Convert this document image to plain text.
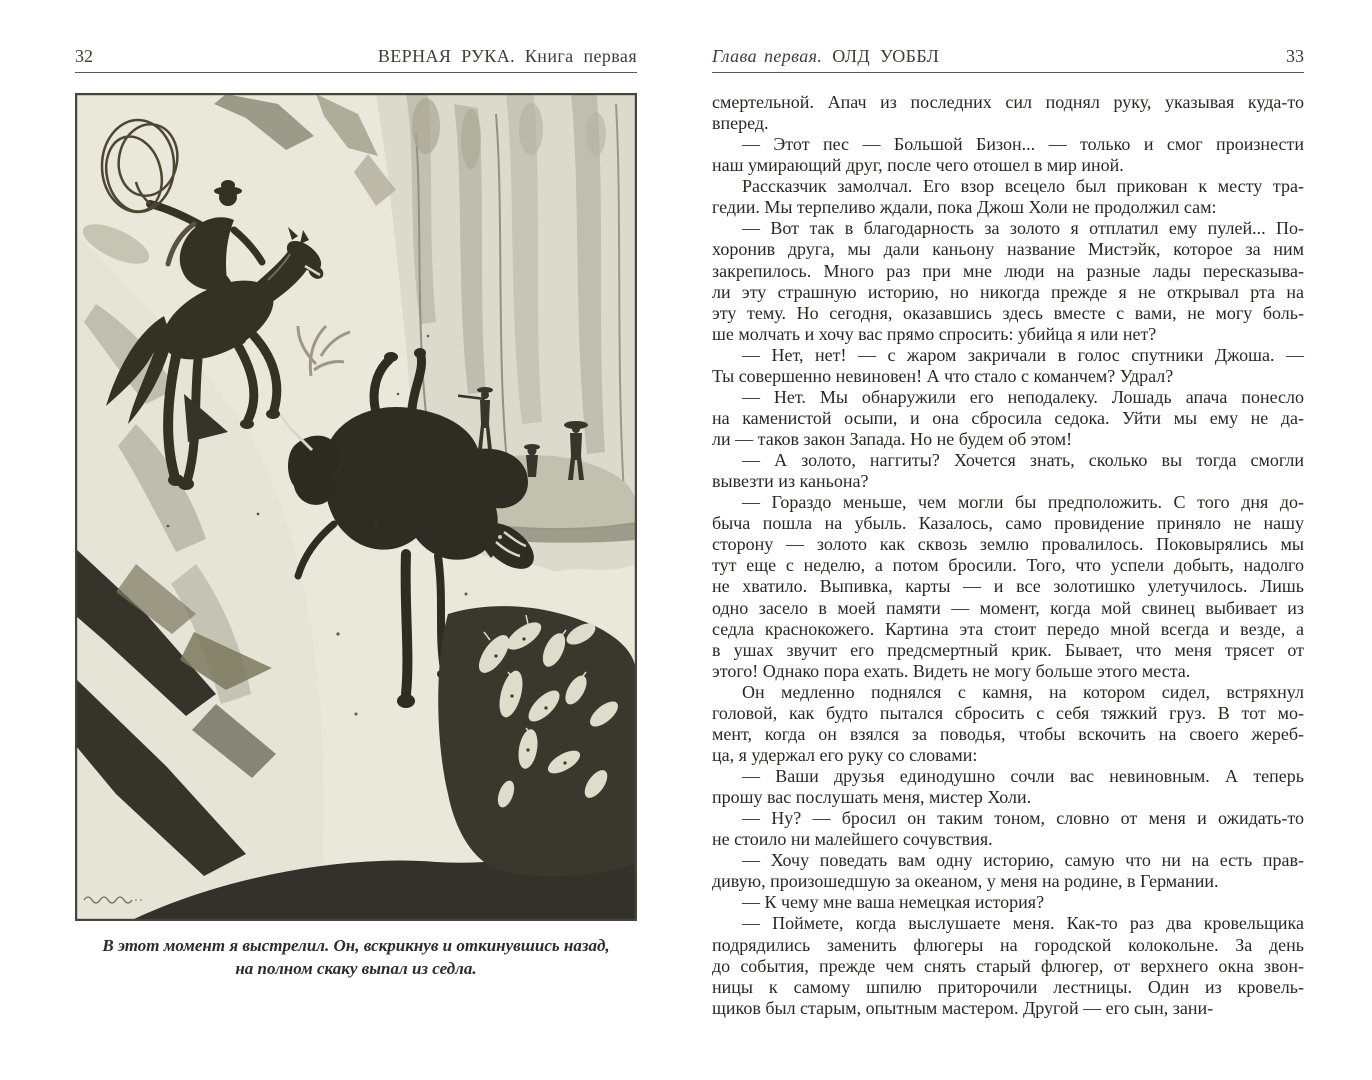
32	ВЕРНАЯ РУКА. Книга первая
В этот момент я выстрелил. Он, вскрикнув и откинувшись назад,
на полном скаку выпал из седла.
Глава первая. ОЛД УОББЛ	33
смертельной. Апач из последних сил поднял руку, указывая куда-то
вперед.
— Этот пес — Большой Бизон... — только и смог произнести
наш умирающий друг, после чего отошел в мир иной.
Рассказчик замолчал. Его взор всецело был прикован к месту тра-
гедии. Мы терпеливо ждали, пока Джош Холи не продолжил сам:
— Вот так в благодарность за золото я отплатил ему пулей... По-
хоронив друга, мы дали каньону название Мистэйк, которое за ним
закрепилось. Много раз при мне люди на разные лады пересказыва-
ли эту страшную историю, но никогда прежде я не открывал рта на
эту тему. Но сегодня, оказавшись здесь вместе с вами, не могу боль-
ше молчать и хочу вас прямо спросить: убийца я или нет?
— Нет, нет! — с жаром закричали в голос спутники Джоша. —
Ты совершенно невиновен! А что стало с команчем? Удрал?
— Нет. Мы обнаружили его неподалеку. Лошадь апача понесло
на каменистой осыпи, и она сбросила седока. Уйти мы ему не да-
ли — таков закон Запада. Но не будем об этом!
— А золото, наггиты? Хочется знать, сколько вы тогда смогли
вывезти из каньона?
— Гораздо меньше, чем могли бы предположить. С того дня до-
быча пошла на убыль. Казалось, само провидение приняло не нашу
сторону — золото как сквозь землю провалилось. Поковырялись мы
тут еще с неделю, а потом бросили. Того, что успели добыть, надолго
не хватило. Выпивка, карты — и все золотишко улетучилось. Лишь
одно засело в моей памяти — момент, когда мой свинец выбивает из
седла краснокожего. Картина эта стоит передо мной всегда и везде, а
в ушах звучит его предсмертный крик. Бывает, что меня трясет от
этого! Однако пора ехать. Видеть не могу больше этого места.
Он медленно поднялся с камня, на котором сидел, встряхнул
головой, как будто пытался сбросить с себя тяжкий груз. В тот мо-
мент, когда он взялся за поводья, чтобы вскочить на своего жереб-
ца, я удержал его руку со словами:
— Ваши друзья единодушно сочли вас невиновным. А теперь
прошу вас послушать меня, мистер Холи.
— Ну? — бросил он таким тоном, словно от меня и ожидать-то
не стоило ни малейшего сочувствия.
— Хочу поведать вам одну историю, самую что ни на есть прав-
дивую, произошедшую за океаном, у меня на родине, в Германии.
— К чему мне ваша немецкая история?
— Поймете, когда выслушаете меня. Как-то раз два кровельщика
подрядились заменить флюгеры на городской колокольне. За день
до события, прежде чем снять старый флюгер, от верхнего окна звон-
ницы к самому шпилю приторочили лестницы. Один из кровель-
щиков был старым, опытным мастером. Другой — его сын, зани-
